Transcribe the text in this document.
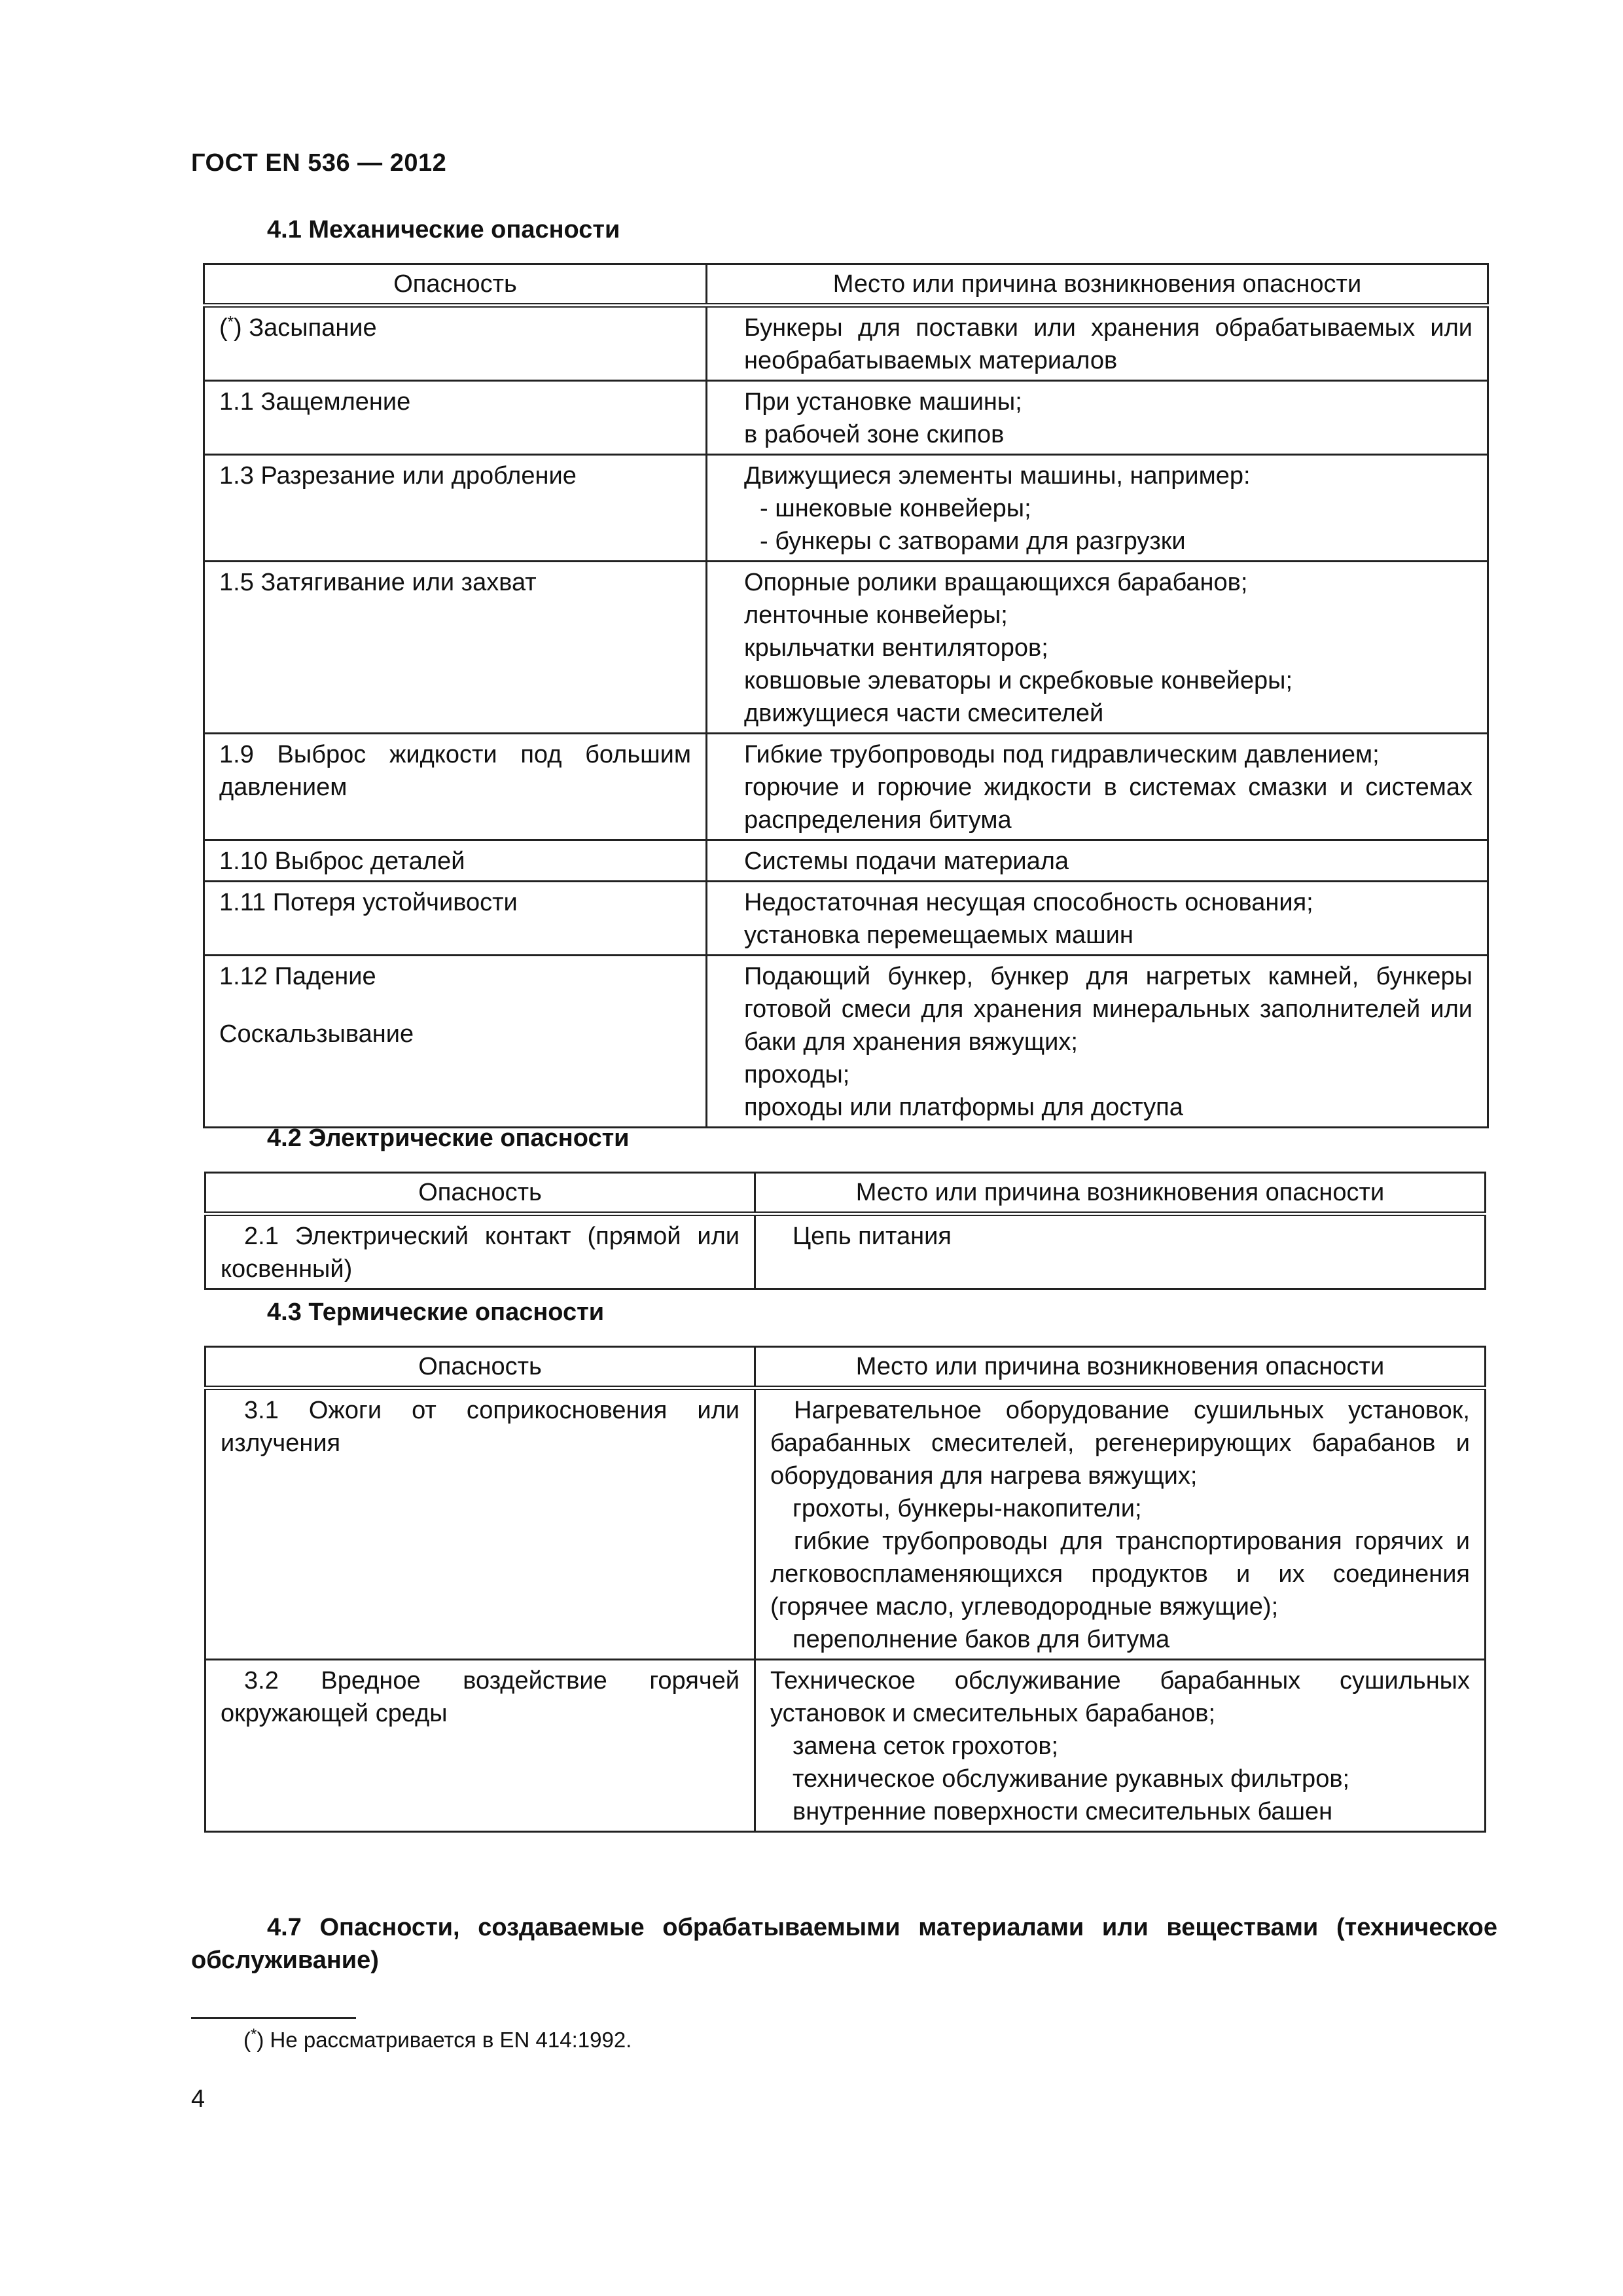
ГОСТ EN 536 — 2012
4.1 Механические опасности
Опасность	Место или причина возникновения опасности
(*) Засыпание	Бункеры для поставки или хранения обрабатываемых или необрабатываемых материалов

1.1 Защемление	При установке машины;
в рабочей зоне скипов

1.3 Разрезание или дробление	Движущиеся элементы машины, например:
- шнековые конвейеры;
- бункеры с затворами для разгрузки

1.5 Затягивание или захват	Опорные ролики вращающихся барабанов;
ленточные конвейеры;
крыльчатки вентиляторов;
ковшовые элеваторы и скребковые конвейеры;
движущиеся части смесителей

1.9 Выброс жидкости под большим давлением	Гибкие трубопроводы под гидравлическим давлением;
горючие и горючие жидкости в системах смазки и системах распределения битума

1.10 Выброс деталей	Системы подачи материала

1.11 Потеря устойчивости	Недостаточная несущая способность основания;
установка перемещаемых машин

1.12 Падение
Соскальзывание	Подающий бункер, бункер для нагретых камней, бункеры готовой смеси для хранения минеральных заполнителей или баки для хранения вяжущих;
проходы;
проходы или платформы для доступа
4.2 Электрические опасности
Опасность	Место или причина возникновения опасности
2.1 Электрический контакт (прямой или косвенный)	Цепь питания
4.3 Термические опасности
Опасность	Место или причина возникновения опасности
3.1 Ожоги от соприкосновения или излучения	Нагревательное оборудование сушильных установок, барабанных смесителей, регенерирующих барабанов и оборудования для нагрева вяжущих;
грохоты, бункеры-накопители;
гибкие трубопроводы для транспортирования горячих и легковоспламеняющихся продуктов и их соединения (горячее масло, углеводородные вяжущие);
переполнение баков для битума

3.2 Вредное воздействие горячей окружающей среды	Техническое обслуживание барабанных сушильных установок и смесительных барабанов;
замена сеток грохотов;
техническое обслуживание рукавных фильтров;
внутренние поверхности смесительных башен
4.7 Опасности, создаваемые обрабатываемыми материалами или веществами (техническое обслуживание)
(*) Не рассматривается в EN 414:1992.
4
